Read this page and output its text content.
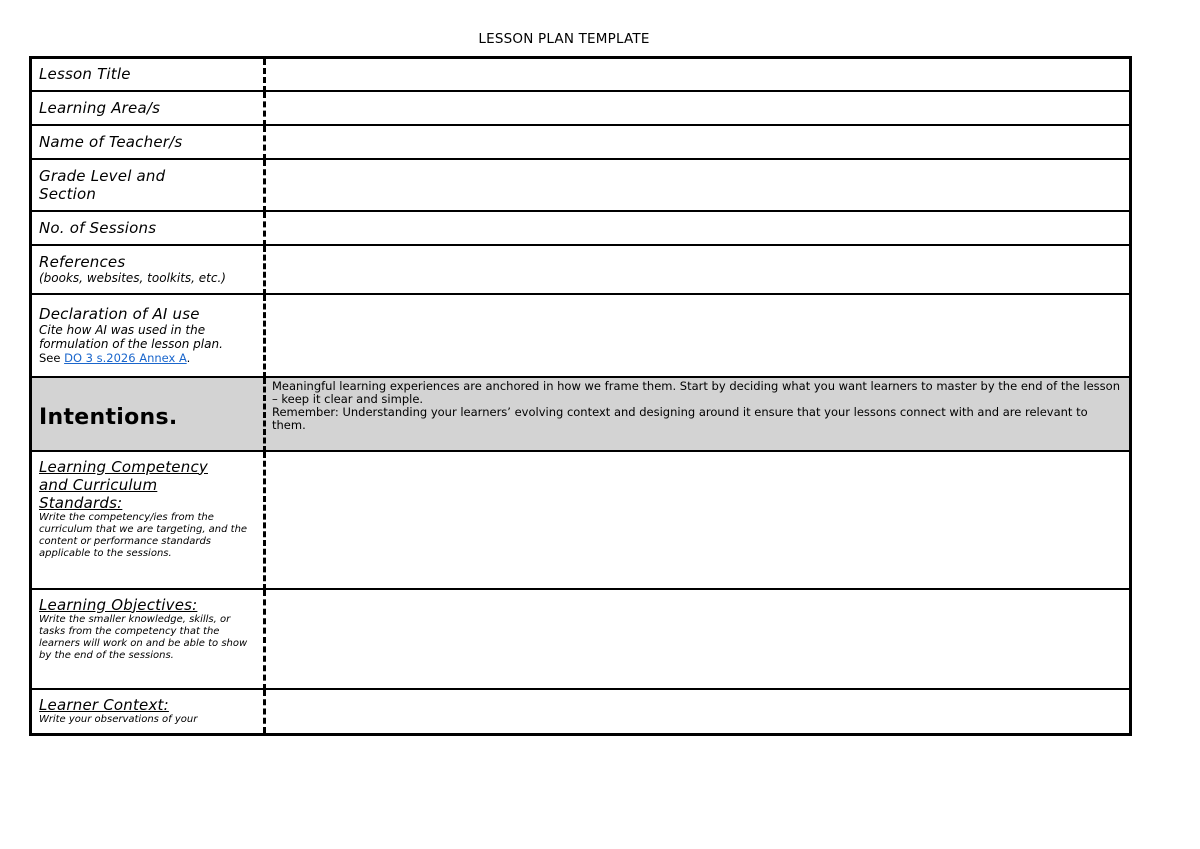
LESSON PLAN TEMPLATE
Lesson Title	

Learning Area/s	

Name of Teacher/s	

Grade Level and Section	

No. of Sessions	

References
(books, websites, toolkits, etc.)	

Declaration of AI use
Cite how AI was used in the formulation of the lesson plan.
See DO 3 s.2026 Annex A.	

Intentions.	Meaningful learning experiences are anchored in how we frame them. Start by deciding what you want learners to master by the end of the lesson – keep it clear and simple.
Remember: Understanding your learners’ evolving context and designing around it ensure that your lessons connect with and are relevant to them.

Learning Competency and Curriculum Standards:
Write the competency/ies from the curriculum that we are targeting, and the content or performance standards applicable to the sessions.	

Learning Objectives:
Write the smaller knowledge, skills, or tasks from the competency that the learners will work on and be able to show by the end of the sessions.	

Learner Context:
Write your observations of your	
